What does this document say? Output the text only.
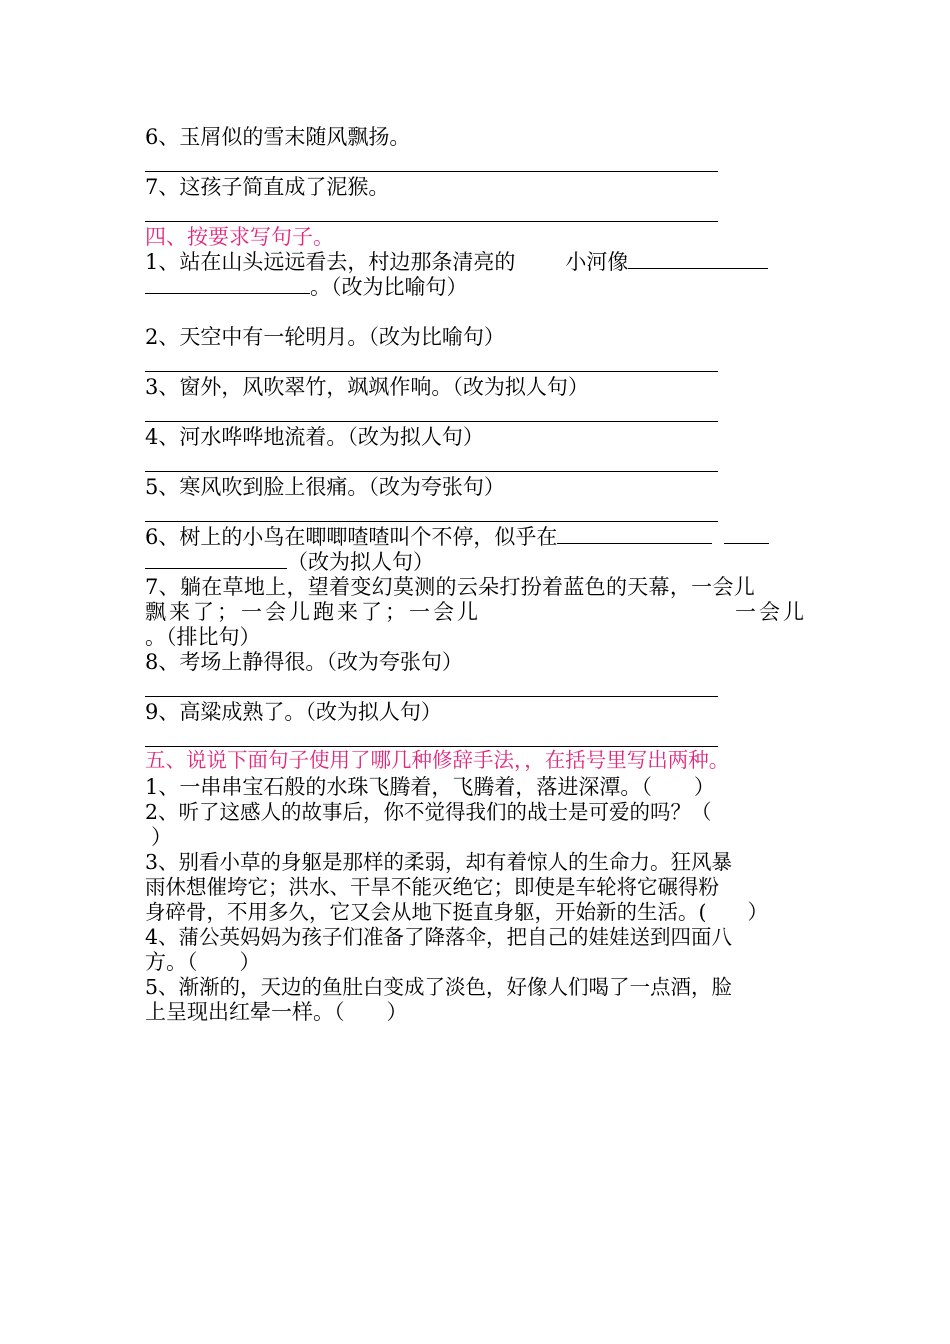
6、玉屑似的雪末随风飘扬。
7、这孩子简直成了泥猴。
四、按要求写句子。
1、站在山头远远看去，村边那条清亮的 小河像
。（改为比喻句）
2、天空中有一轮明月。（改为比喻句）
3、窗外，风吹翠竹，飒飒作响。（改为拟人句）
4、河水哗哗地流着。（改为拟人句）
5、寒风吹到脸上很痛。（改为夸张句）
6、树上的小鸟在唧唧喳喳叫个不停，似乎在
（改为拟人句）
7、躺在草地上，望着变幻莫测的云朵打扮着蓝色的天幕，一会儿
飘来了；一会儿跑来了；一会儿	一会儿
。（排比句）
8、考场上静得很。（改为夸张句）
9、高粱成熟了。（改为拟人句）
五、说说下面句子使用了哪几种修辞手法，，在括号里写出两种。
1、一串串宝石般的水珠飞腾着，飞腾着，落进深潭。（　　）
2、听了这感人的故事后，你不觉得我们的战士是可爱的吗？（
）
3、别看小草的身躯是那样的柔弱，却有着惊人的生命力。狂风暴
雨休想催垮它；洪水、干旱不能灭绝它；即使是车轮将它碾得粉
身碎骨，不用多久，它又会从地下挺直身躯，开始新的生活。(　　）
4、蒲公英妈妈为孩子们准备了降落伞，把自己的娃娃送到四面八
方。（　　）
5、渐渐的，天边的鱼肚白变成了淡色，好像人们喝了一点酒，脸
上呈现出红晕一样。（　　）
